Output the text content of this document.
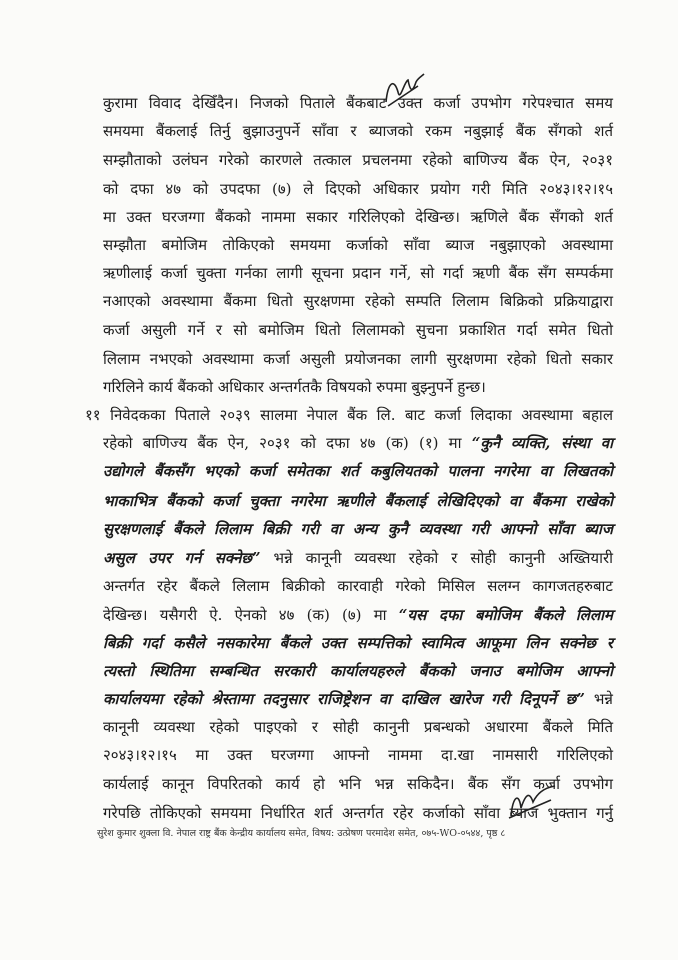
कुरामा विवाद देखिँदैन। निजको पिताले बैंकबाट उक्त कर्जा उपभोग गरेपश्चात समय
समयमा बैंकलाई तिर्नु बुझाउनुपर्ने साँवा र ब्याजको रकम नबुझाई बैंक सँगको शर्त
सम्झौताको उलंघन गरेको कारणले तत्काल प्रचलनमा रहेको बाणिज्य बैंक ऐन, २०३१
को दफा ४७ को उपदफा (७) ले दिएको अधिकार प्रयोग गरी मिति २०४३।१२।१५
मा उक्त घरजग्गा बैंकको नाममा सकार गरिलिएको देखिन्छ। ऋणिले बैंक सँगको शर्त
सम्झौता बमोजिम तोकिएको समयमा कर्जाको साँवा ब्याज नबुझाएको अवस्थामा
ऋणीलाई कर्जा चुक्ता गर्नका लागी सूचना प्रदान गर्ने, सो गर्दा ऋणी बैंक सँग सम्पर्कमा
नआएको अवस्थामा बैंकमा धितो सुरक्षणमा रहेको सम्पति लिलाम बिक्रिको प्रक्रियाद्वारा
कर्जा असुली गर्ने र सो बमोजिम धितो लिलामको सुचना प्रकाशित गर्दा समेत धितो
लिलाम नभएको अवस्थामा कर्जा असुली प्रयोजनका लागी सुरक्षणमा रहेको धितो सकार
गरिलिने कार्य बैंकको अधिकार अन्तर्गतकै विषयको रुपमा बुझ्नुपर्ने हुन्छ।
११ निवेदकका पिताले २०३९ सालमा नेपाल बैंक लि. बाट कर्जा लिदाका अवस्थामा बहाल
रहेको बाणिज्य बैंक ऐन, २०३१ को दफा ४७ (क) (१) मा “कुनै व्यक्ति, संस्था वा
उद्योगले बैंकसँग भएको कर्जा समेतका शर्त कबुलियतको पालना नगरेमा वा लिखतको
भाकाभित्र बैंकको कर्जा चुक्ता नगरेमा ऋणीले बैंकलाई लेखिदिएको वा बैंकमा राखेको
सुरक्षणलाई बैंकले लिलाम बिक्री गरी वा अन्य कुनै व्यवस्था गरी आफ्नो साँवा ब्याज
असुल उपर गर्न सक्नेछ” भन्ने कानूनी व्यवस्था रहेको र सोही कानुनी अख्तियारी
अन्तर्गत रहेर बैंकले लिलाम बिक्रीको कारवाही गरेको मिसिल सलग्न कागजतहरुबाट
देखिन्छ। यसैगरी ऐ. ऐनको ४७ (क) (७) मा “यस दफा बमोजिम बैंकले लिलाम
बिक्री गर्दा कसैले नसकारेमा बैंकले उक्त सम्पत्तिको स्वामित्व आफूमा लिन सक्नेछ र
त्यस्तो स्थितिमा सम्बन्धित सरकारी कार्यालयहरुले बैंकको जनाउ बमोजिम आफ्नो
कार्यालयमा रहेको श्रेस्तामा तदनुसार राजिष्ट्रेशन वा दाखिल खारेज गरी दिनूपर्ने छ” भन्ने
कानूनी व्यवस्था रहेको पाइएको र सोही कानुनी प्रबन्धको अधारमा बैंकले मिति
२०४३।१२।१५ मा उक्त घरजग्गा आफ्नो नाममा दा.खा नामसारी गरिलिएको
कार्यलाई कानून विपरितको कार्य हो भनि भन्न सकिदैन। बैंक सँग कर्जा उपभोग
गरेपछि तोकिएको समयमा निर्धारित शर्त अन्तर्गत रहेर कर्जाको साँवा ब्याज भुक्तान गर्नु
सुरेश कुमार शुक्ला वि. नेपाल राष्ट्र बैंक केन्द्रीय कार्यालय समेत, विषय: उत्प्रेषण परमादेश समेत, ०७५-WO-०५४४, पृष्ठ ८
